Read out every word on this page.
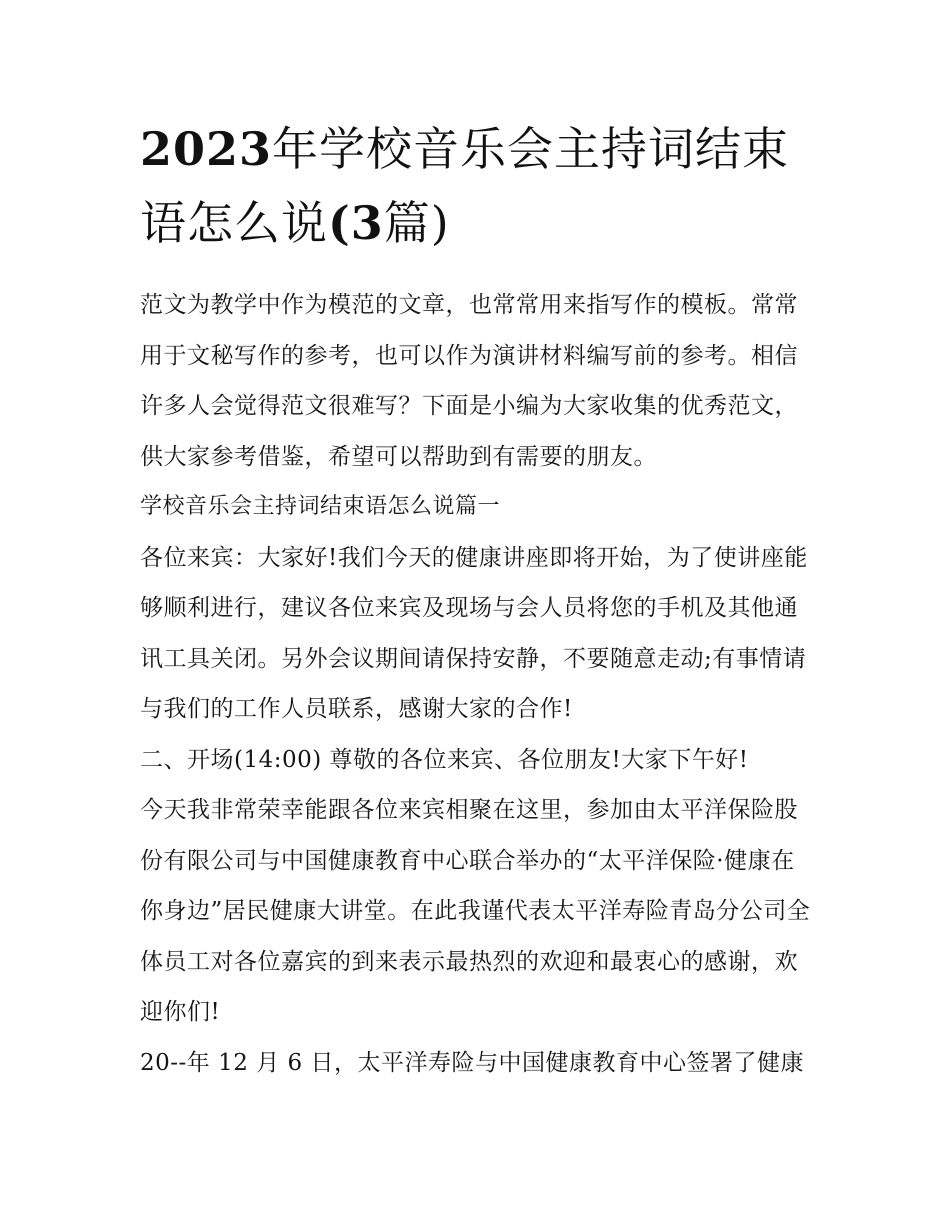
2023年学校音乐会主持词结束语怎么说(3篇)

范文为教学中作为模范的文章，也常常用来指写作的模板。常常用于文秘写作的参考，也可以作为演讲材料编写前的参考。相信许多人会觉得范文很难写？下面是小编为大家收集的优秀范文，供大家参考借鉴，希望可以帮助到有需要的朋友。

学校音乐会主持词结束语怎么说篇一

各位来宾：大家好!我们今天的健康讲座即将开始，为了使讲座能够顺利进行，建议各位来宾及现场与会人员将您的手机及其他通讯工具关闭。另外会议期间请保持安静，不要随意走动;有事情请与我们的工作人员联系，感谢大家的合作!

二、开场(14:00) 尊敬的各位来宾、各位朋友!大家下午好!

今天我非常荣幸能跟各位来宾相聚在这里，参加由太平洋保险股份有限公司与中国健康教育中心联合举办的“太平洋保险·健康在你身边”居民健康大讲堂。在此我谨代表太平洋寿险青岛分公司全体员工对各位嘉宾的到来表示最热烈的欢迎和最衷心的感谢，欢迎你们!

20--年 12 月 6 日，太平洋寿险与中国健康教育中心签署了健康
